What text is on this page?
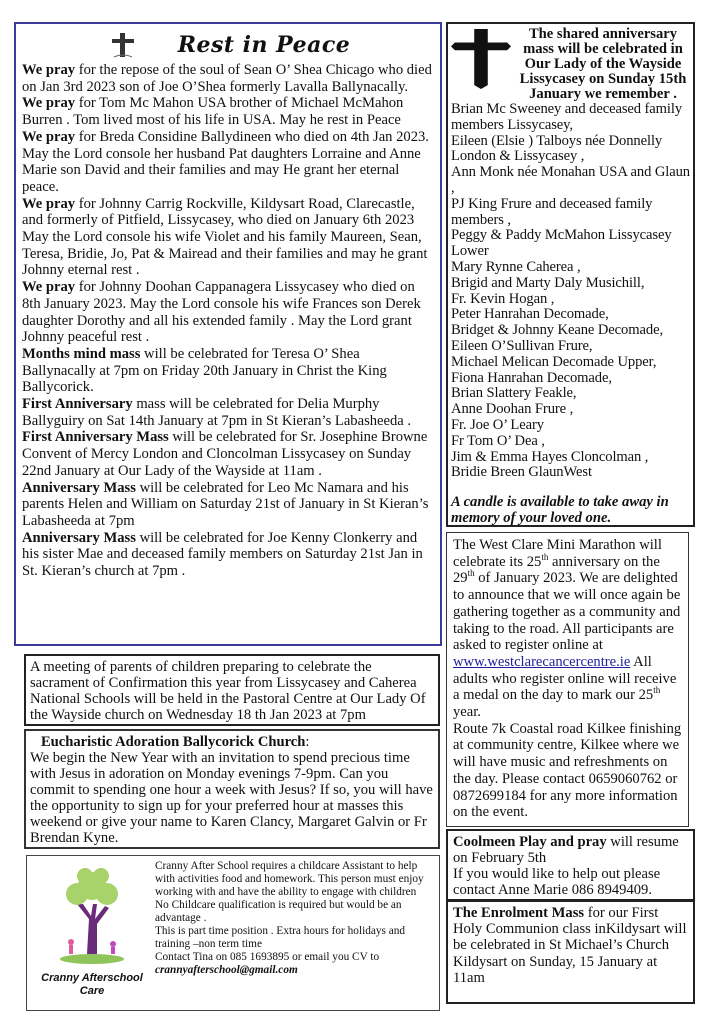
Rest in Peace

We pray for the repose of the soul of Sean O’ Shea Chicago who died on Jan 3rd 2023 son of Joe O’Shea formerly Lavalla Ballynacally.

We pray for Tom Mc Mahon USA brother of Michael McMahon Burren . Tom lived most of his life in USA. May he rest in Peace

We pray for Breda Considine Ballydineen who died on 4th Jan 2023. May the Lord console her husband Pat daughters Lorraine and Anne Marie son David and their families and may He grant her eternal peace.

We pray for Johnny Carrig Rockville, Kildysart Road, Clarecastle, and formerly of Pitfield, Lissycasey, who died on January 6th 2023 May the Lord console his wife Violet and his family Maureen, Sean, Teresa, Bridie, Jo, Pat & Mairead and their families and may he grant Johnny eternal rest .

We pray for Johnny Doohan Cappanagera Lissycasey who died on 8th January 2023. May the Lord console his wife Frances son Derek daughter Dorothy and all his extended family . May the Lord grant Johnny peaceful rest .

Months mind mass will be celebrated for Teresa O’ Shea Ballynacally at 7pm on Friday 20th January in Christ the King Ballycorick.

First Anniversary mass will be celebrated for Delia Murphy Ballyguiry on Sat 14th January at 7pm in St Kieran’s Labasheeda .

First Anniversary Mass will be celebrated for Sr. Josephine Browne Convent of Mercy London and Cloncolman Lissycasey on Sunday 22nd January at Our Lady of the Wayside at 11am .

Anniversary Mass will be celebrated for Leo Mc Namara and his parents Helen and William on Saturday 21st of January in St Kieran’s Labasheeda at 7pm

Anniversary Mass will be celebrated for Joe Kenny Clonkerry and his sister Mae and deceased family members on Saturday 21st Jan in St. Kieran’s church at 7pm .

The shared anniversary mass will be celebrated in Our Lady of the Wayside Lissycasey on Sunday 15th January we remember .
Brian Mc Sweeney and deceased family members Lissycasey,
Eileen (Elsie ) Talboys née Donnelly London & Lissycasey ,
Ann Monk née Monahan USA and Glaun ,
PJ King Frure and deceased family members ,
Peggy & Paddy McMahon Lissycasey Lower
Mary Rynne Caherea ,
Brigid and Marty Daly Musichill,
Fr. Kevin Hogan ,
Peter Hanrahan Decomade,
Bridget & Johnny Keane Decomade,
Eileen O’Sullivan Frure,
Michael Melican Decomade Upper,
Fiona Hanrahan Decomade,
Brian Slattery Feakle,
Anne Doohan Frure ,
Fr. Joe O’ Leary
Fr Tom O’ Dea ,
Jim & Emma Hayes Cloncolman ,
Bridie Breen GlaunWest
A candle is available to take away in memory of your loved one.

The West Clare Mini Marathon will celebrate its 25th anniversary on the 29th of January 2023. We are delighted to announce that we will once again be gathering together as a community and taking to the road. All participants are asked to register online at www.westclarecancercentre.ie All adults who register online will receive a medal on the day to mark our 25th year.

Route 7k Coastal road Kilkee finishing at community centre, Kilkee where we will have music and refreshments on the day. Please contact 0659060762 or 0872699184 for any more information on the event.

A meeting of parents of children preparing to celebrate the sacrament of Confirmation this year from Lissycasey and Caherea National Schools will be held in the Pastoral Centre at Our Lady Of the Wayside church on Wednesday 18 th Jan 2023 at 7pm

Eucharistic Adoration Ballycorick Church:

We begin the New Year with an invitation to spend precious time with Jesus in adoration on Monday evenings 7-9pm. Can you commit to spending one hour a week with Jesus? If so, you will have the opportunity to sign up for your preferred hour at masses this weekend or give your name to Karen Clancy, Margaret Galvin or Fr Brendan Kyne.

Cranny Afterschool Care
Cranny After School requires a childcare Assistant to help with activities food and homework. This person must enjoy working with and have the ability to engage with children
No Childcare qualification is required but would be an advantage .
This is part time position . Extra hours for holidays and training –non term time
Contact Tina on 085 1693895 or email you CV to
crannyafterschool@gmail.com

Coolmeen Play and pray will resume on February 5th

If you would like to help out please contact Anne Marie 086 8949409.

The Enrolment Mass for our First Holy Communion class inKildysart will be celebrated in St Michael’s Church Kildysart on Sunday, 15 January at 11am
